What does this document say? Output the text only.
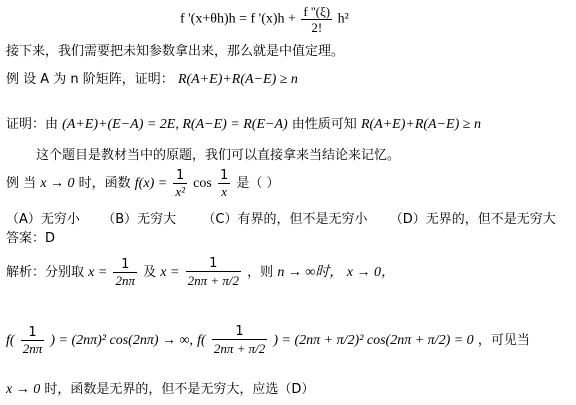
f '(x+θh)h = f '$(x)h + \frac{f ''(\xi)}{2!} h^2$
接下来，我们需要把未知参数拿出来，那么就是中值定理。
例 设 A 为 n 阶矩阵，证明： R(A+E)+R(A−E) ≥ n
证明：由 (A+E)+(E−A) = 2E, R(A−E) = R(E−A) 由性质可知 R(A+E)+R(A−E) ≥ n
这个题目是教材当中的原题，我们可以直接拿来当结论来记忆。
例 当 x → 0 时，函数 $f(x) = \frac{1}{\text{x²}}$ $\cos \frac{1}{x}$ 是（ ）
（A）无穷小 （B）无穷大 （C）有界的，但不是无穷小 （D）无界的，但不是无穷大
答案：D
解析：分别取 $x = \frac{1}{2n\pi}$ 及 $x = \frac{1}{2n\pi + \pi/2}$ ，则 n → ∞时， x → 0，
$f( \frac{1}{2n\pi}$ ) = (2nπ)² cos(2nπ) → ∞, $f( \frac{1}{2n\pi + \pi/2}$ ) = (2nπ + π/2)² cos(2nπ + π/2) = 0 ，可见当
x → 0 时，函数是无界的，但不是无穷大，应选（D）
